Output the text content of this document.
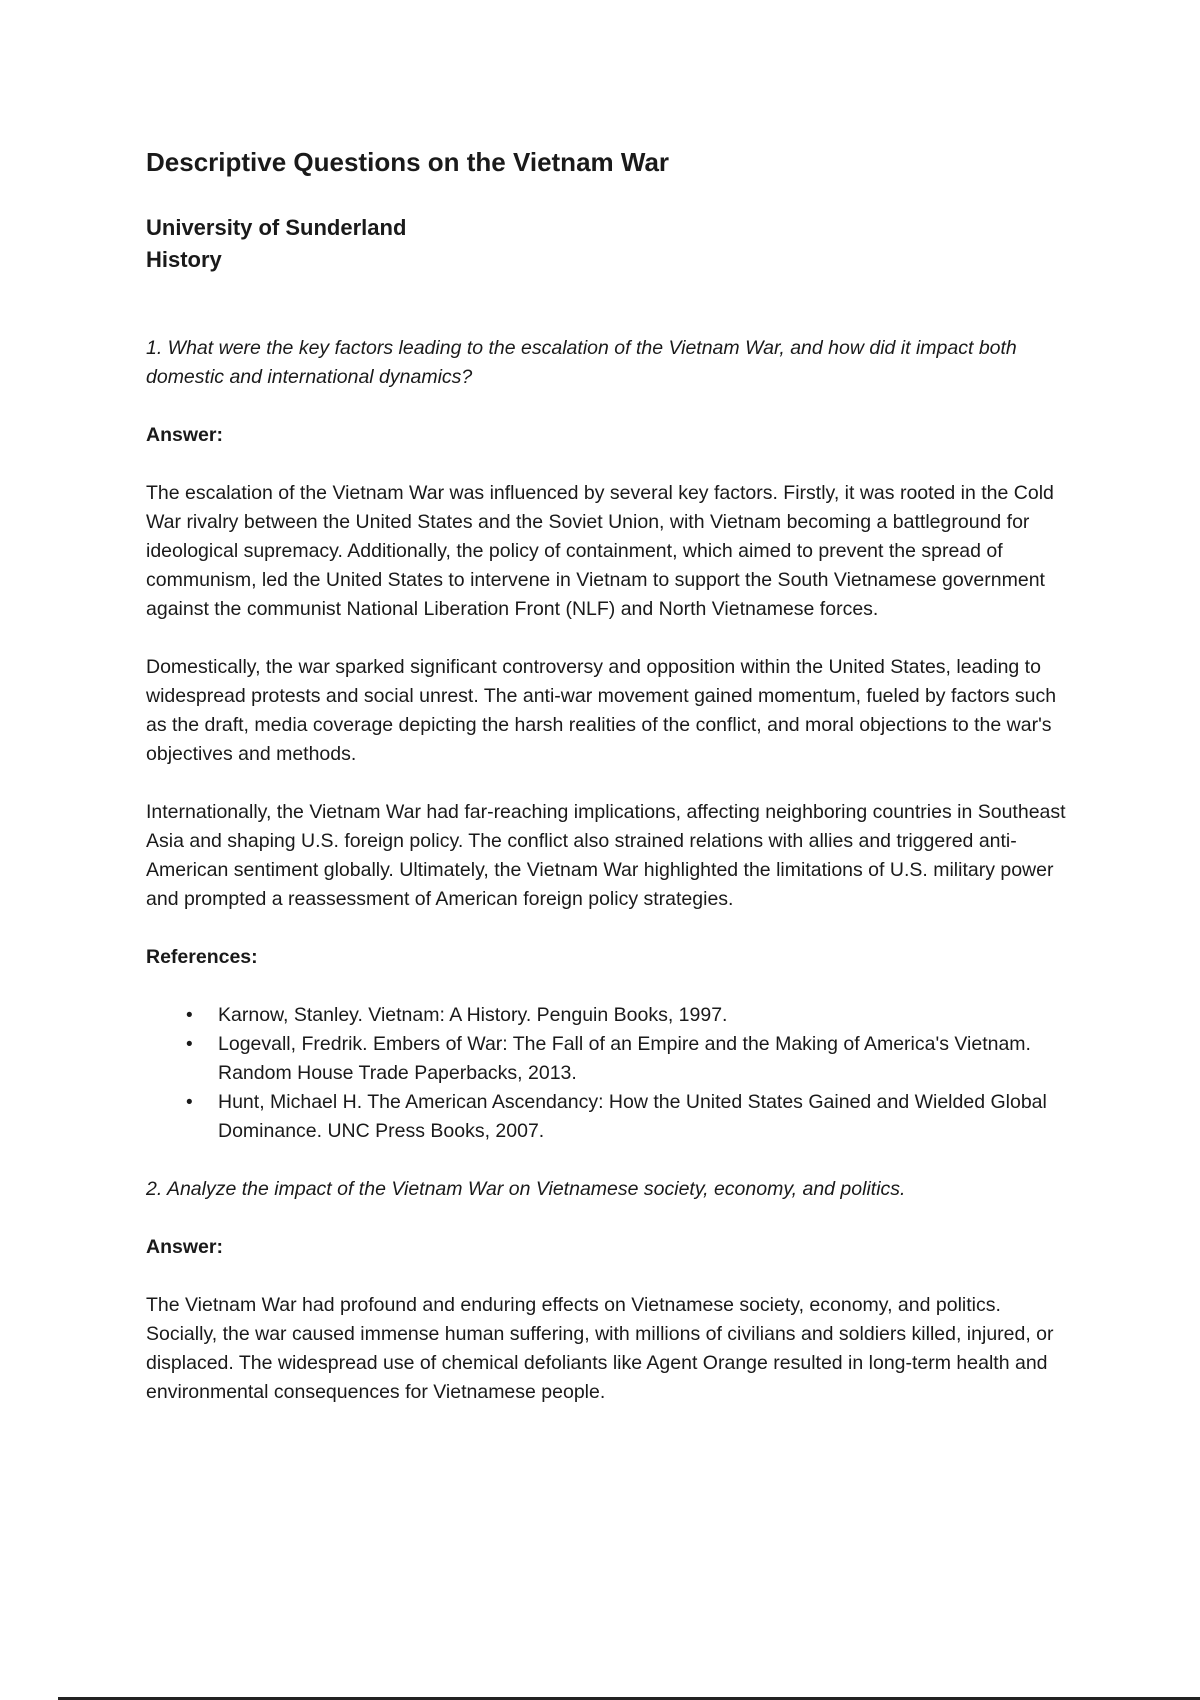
Descriptive Questions on the Vietnam War
University of Sunderland
History

1. What were the key factors leading to the escalation of the Vietnam War, and how did it impact both domestic and international dynamics?

Answer:

The escalation of the Vietnam War was influenced by several key factors. Firstly, it was rooted in the Cold War rivalry between the United States and the Soviet Union, with Vietnam becoming a battleground for ideological supremacy. Additionally, the policy of containment, which aimed to prevent the spread of communism, led the United States to intervene in Vietnam to support the South Vietnamese government against the communist National Liberation Front (NLF) and North Vietnamese forces.

Domestically, the war sparked significant controversy and opposition within the United States, leading to widespread protests and social unrest. The anti-war movement gained momentum, fueled by factors such as the draft, media coverage depicting the harsh realities of the conflict, and moral objections to the war's objectives and methods.

Internationally, the Vietnam War had far-reaching implications, affecting neighboring countries in Southeast Asia and shaping U.S. foreign policy. The conflict also strained relations with allies and triggered anti-American sentiment globally. Ultimately, the Vietnam War highlighted the limitations of U.S. military power and prompted a reassessment of American foreign policy strategies.

References:

• Karnow, Stanley. Vietnam: A History. Penguin Books, 1997.
• Logevall, Fredrik. Embers of War: The Fall of an Empire and the Making of America's Vietnam. Random House Trade Paperbacks, 2013.
• Hunt, Michael H. The American Ascendancy: How the United States Gained and Wielded Global Dominance. UNC Press Books, 2007.

2. Analyze the impact of the Vietnam War on Vietnamese society, economy, and politics.

Answer:

The Vietnam War had profound and enduring effects on Vietnamese society, economy, and politics. Socially, the war caused immense human suffering, with millions of civilians and soldiers killed, injured, or displaced. The widespread use of chemical defoliants like Agent Orange resulted in long-term health and environmental consequences for Vietnamese people.
